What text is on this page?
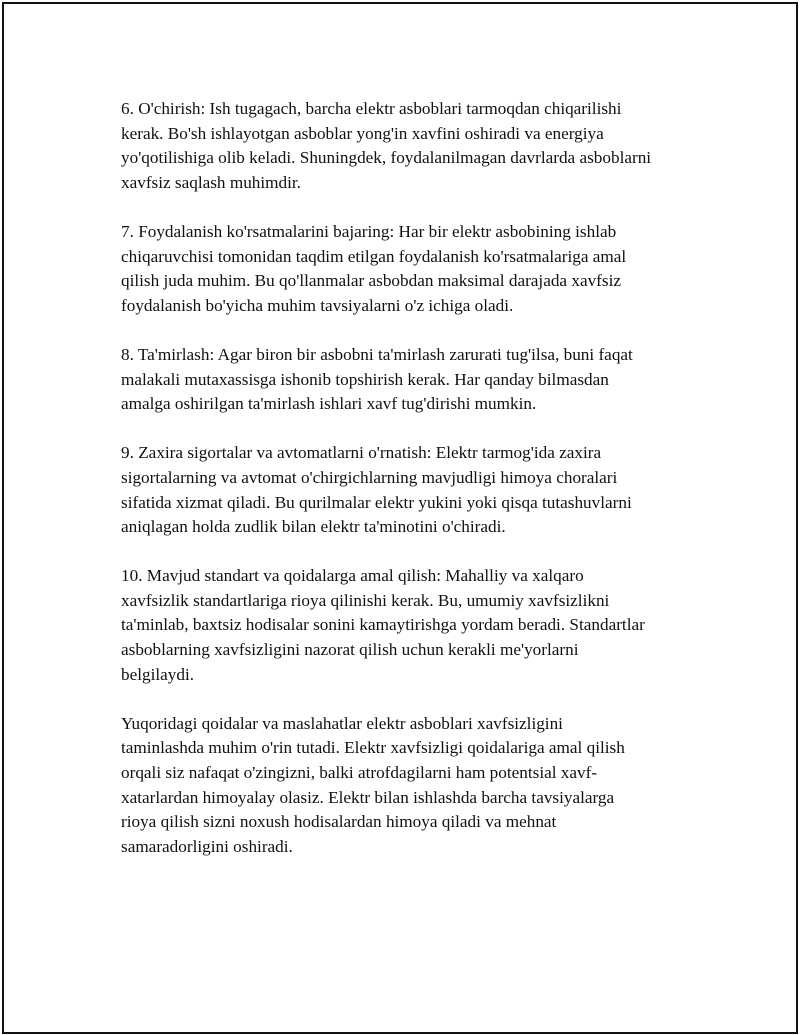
6. O'chirish: Ish tugagach, barcha elektr asboblari tarmoqdan chiqarilishi
kerak. Bo'sh ishlayotgan asboblar yong'in xavfini oshiradi va energiya
yo'qotilishiga olib keladi. Shuningdek, foydalanilmagan davrlarda asboblarni
xavfsiz saqlash muhimdir.

7. Foydalanish ko'rsatmalarini bajaring: Har bir elektr asbobining ishlab
chiqaruvchisi tomonidan taqdim etilgan foydalanish ko'rsatmalariga amal
qilish juda muhim. Bu qo'llanmalar asbobdan maksimal darajada xavfsiz
foydalanish bo'yicha muhim tavsiyalarni o'z ichiga oladi.

8. Ta'mirlash: Agar biron bir asbobni ta'mirlash zarurati tug'ilsa, buni faqat
malakali mutaxassisga ishonib topshirish kerak. Har qanday bilmasdan
amalga oshirilgan ta'mirlash ishlari xavf tug'dirishi mumkin.

9. Zaxira sigortalar va avtomatlarni o'rnatish: Elektr tarmog'ida zaxira
sigortalarning va avtomat o'chirgichlarning mavjudligi himoya choralari
sifatida xizmat qiladi. Bu qurilmalar elektr yukini yoki qisqa tutashuvlarni
aniqlagan holda zudlik bilan elektr ta'minotini o'chiradi.

10. Mavjud standart va qoidalarga amal qilish: Mahalliy va xalqaro
xavfsizlik standartlariga rioya qilinishi kerak. Bu, umumiy xavfsizlikni
ta'minlab, baxtsiz hodisalar sonini kamaytirishga yordam beradi. Standartlar
asboblarning xavfsizligini nazorat qilish uchun kerakli me'yorlarni
belgilaydi.

Yuqoridagi qoidalar va maslahatlar elektr asboblari xavfsizligini
taminlashda muhim o'rin tutadi. Elektr xavfsizligi qoidalariga amal qilish
orqali siz nafaqat o'zingizni, balki atrofdagilarni ham potentsial xavf-
xatarlardan himoyalay olasiz. Elektr bilan ishlashda barcha tavsiyalarga
rioya qilish sizni noxush hodisalardan himoya qiladi va mehnat
samaradorligini oshiradi.
